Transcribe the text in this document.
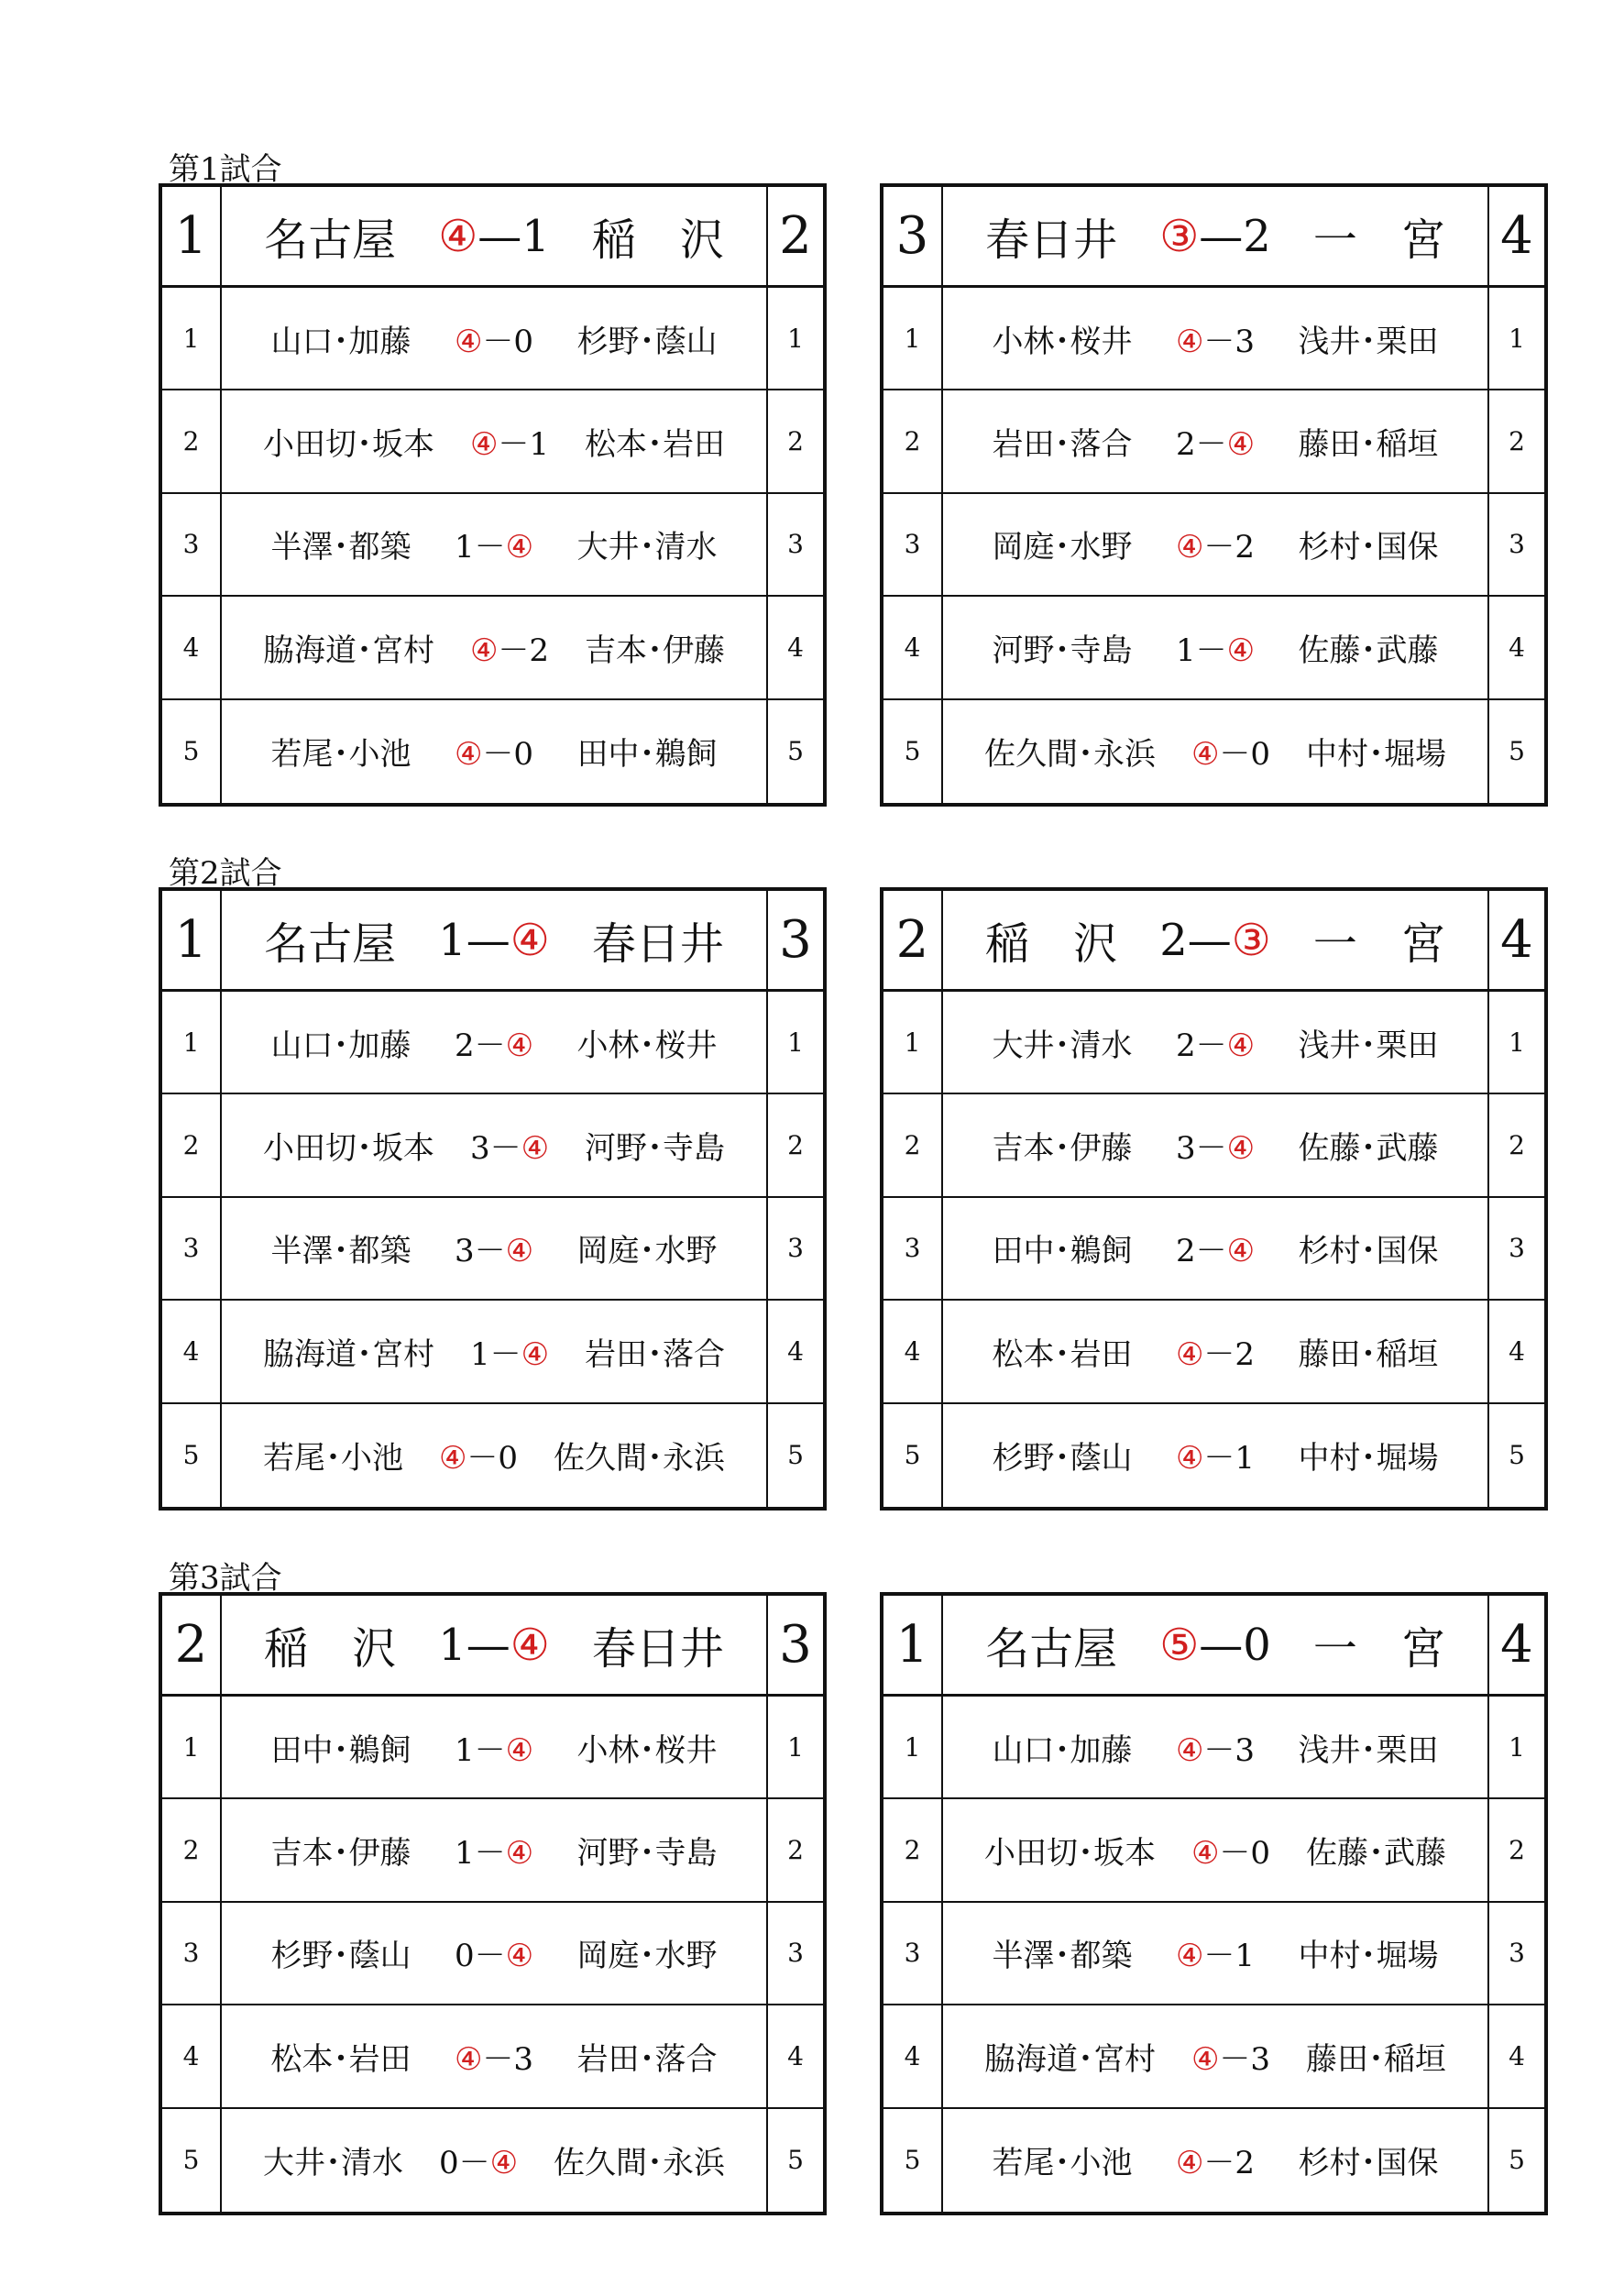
第1試合
1	名古屋 ④—1 稲　沢 2
1	山口･加藤 ④－0 杉野･蔭山	1
2	小田切･坂本 ④－1 松本･岩田	2
3	半澤･都築 1－④ 大井･清水	3
4	脇海道･宮村 ④－2 吉本･伊藤	4
5	若尾･小池 ④－0 田中･鵜飼	5
3	春日井 ③—2 一　宮 4
1	小林･桜井 ④－3 浅井･栗田	1
2	岩田･落合 2－④ 藤田･稲垣	2
3	岡庭･水野 ④－2 杉村･国保	3
4	河野･寺島 1－④ 佐藤･武藤	4
5	佐久間･永浜 ④－0 中村･堀場	5
第2試合
1	名古屋 1—④ 春日井 3
1	山口･加藤 2－④ 小林･桜井	1
2	小田切･坂本 3－④ 河野･寺島	2
3	半澤･都築 3－④ 岡庭･水野	3
4	脇海道･宮村 1－④ 岩田･落合	4
5	若尾･小池 ④－0 佐久間･永浜	5
2	稲　沢 2—③ 一　宮 4
1	大井･清水 2－④ 浅井･栗田	1
2	吉本･伊藤 3－④ 佐藤･武藤	2
3	田中･鵜飼 2－④ 杉村･国保	3
4	松本･岩田 ④－2 藤田･稲垣	4
5	杉野･蔭山 ④－1 中村･堀場	5
第3試合
2	稲　沢 1—④ 春日井 3
1	田中･鵜飼 1－④ 小林･桜井	1
2	吉本･伊藤 1－④ 河野･寺島	2
3	杉野･蔭山 0－④ 岡庭･水野	3
4	松本･岩田 ④－3 岩田･落合	4
5	大井･清水 0－④ 佐久間･永浜	5
1	名古屋 ⑤—0 一　宮 4
1	山口･加藤 ④－3 浅井･栗田	1
2	小田切･坂本 ④－0 佐藤･武藤	2
3	半澤･都築 ④－1 中村･堀場	3
4	脇海道･宮村 ④－3 藤田･稲垣	4
5	若尾･小池 ④－2 杉村･国保	5
